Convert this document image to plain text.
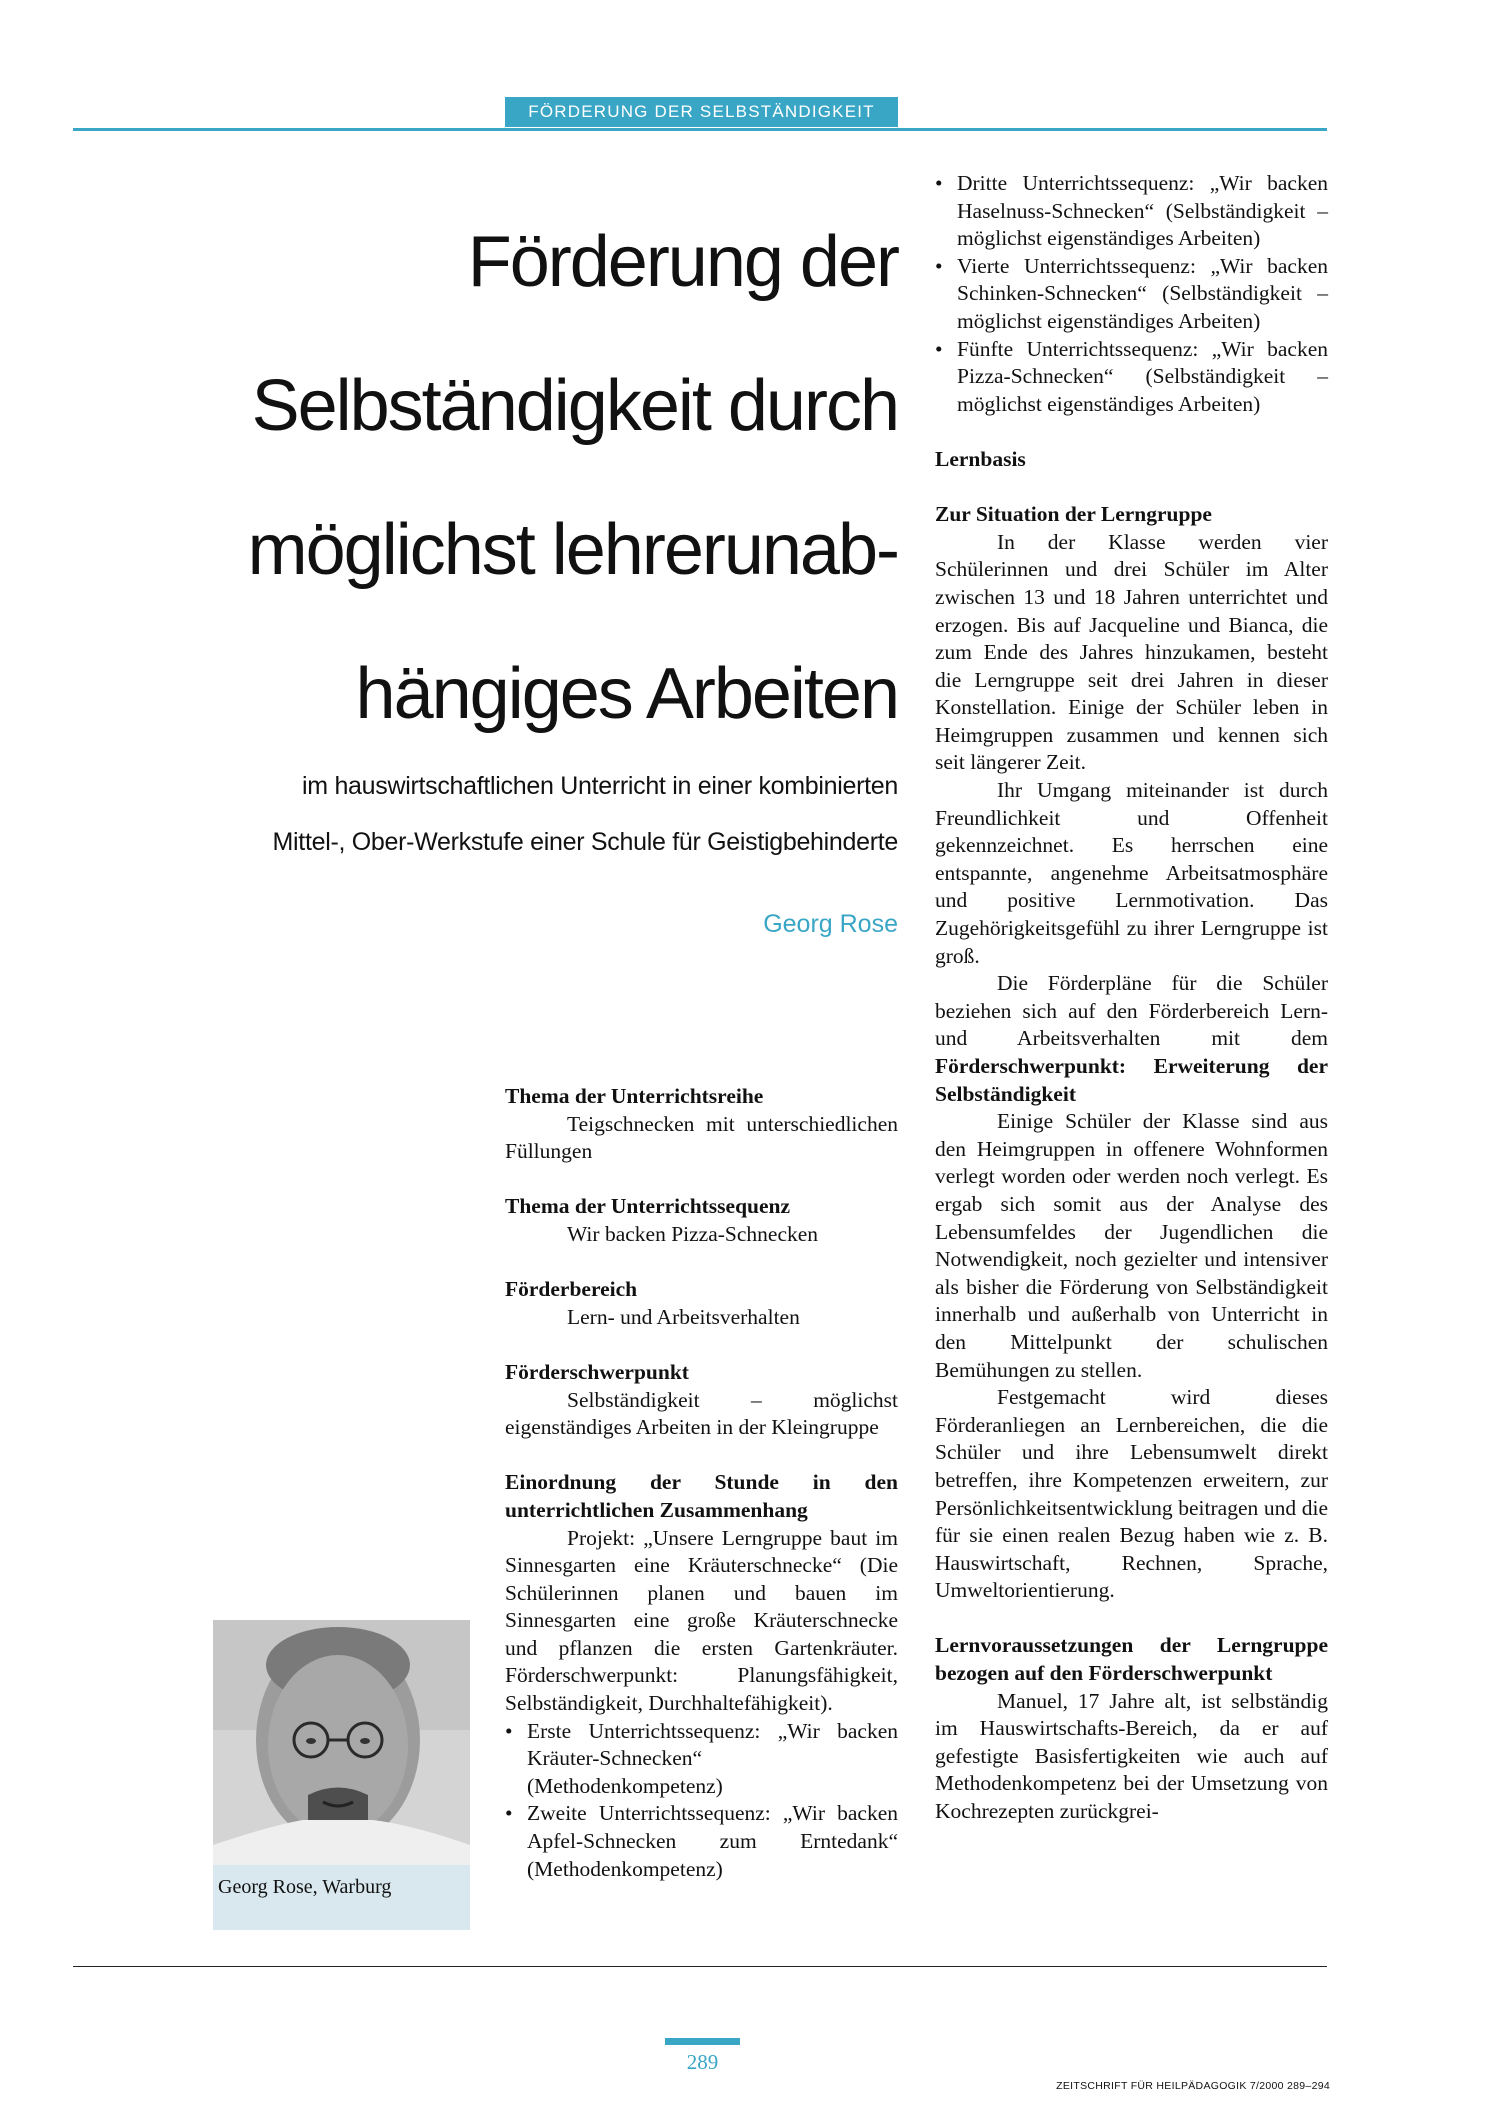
FÖRDERUNG DER SELBSTÄNDIGKEIT
Förderung der
Selbständigkeit durch
möglichst lehrerunab-
hängiges Arbeiten
im hauswirtschaftlichen Unterricht in einer kombinierten
Mittel-, Ober-Werkstufe einer Schule für Geistigbehinderte
Georg Rose

Thema der Unterrichtsreihe

Teigschnecken mit unterschiedlichen Füllungen

Thema der Unterrichtssequenz

Wir backen Pizza-Schnecken

Förderbereich

Lern- und Arbeitsverhalten

Förderschwerpunkt

Selbständigkeit – möglichst eigenständiges Arbeiten in der Kleingruppe

Einordnung der Stunde in den unterrichtlichen Zusammenhang

Projekt: „Unsere Lerngruppe baut im Sinnesgarten eine Kräuterschnecke“ (Die Schülerinnen planen und bauen im Sinnesgarten eine große Kräuterschnecke und pflanzen die ersten Gartenkräuter. Förderschwerpunkt: Planungsfähigkeit, Selbständigkeit, Durchhaltefähigkeit).

• Erste Unterrichtssequenz: „Wir backen Kräuter-Schnecken“ (Methodenkompetenz)
• Zweite Unterrichtssequenz: „Wir backen Apfel-Schnecken zum Erntedank“ (Methodenkompetenz)
Georg Rose, Warburg
• Dritte Unterrichtssequenz: „Wir backen Haselnuss-Schnecken“ (Selbständigkeit – möglichst eigenständiges Arbeiten)
• Vierte Unterrichtssequenz: „Wir backen Schinken-Schnecken“ (Selbständigkeit – möglichst eigenständiges Arbeiten)
• Fünfte Unterrichtssequenz: „Wir backen Pizza-Schnecken“ (Selbständigkeit – möglichst eigenständiges Arbeiten)

Lernbasis

Zur Situation der Lerngruppe

In der Klasse werden vier Schülerinnen und drei Schüler im Alter zwischen 13 und 18 Jahren unterrichtet und erzogen. Bis auf Jacqueline und Bianca, die zum Ende des Jahres hinzukamen, besteht die Lerngruppe seit drei Jahren in dieser Konstellation. Einige der Schüler leben in Heimgruppen zusammen und kennen sich seit längerer Zeit.

Ihr Umgang miteinander ist durch Freundlichkeit und Offenheit gekennzeichnet. Es herrschen eine entspannte, angenehme Arbeitsatmosphäre und positive Lernmotivation. Das Zugehörigkeitsgefühl zu ihrer Lerngruppe ist groß.

Die Förderpläne für die Schüler beziehen sich auf den Förderbereich Lern- und Arbeitsverhalten mit dem Förderschwerpunkt: Erweiterung der Selbständigkeit

Einige Schüler der Klasse sind aus den Heimgruppen in offenere Wohnformen verlegt worden oder werden noch verlegt. Es ergab sich somit aus der Analyse des Lebensumfeldes der Jugendlichen die Notwendigkeit, noch gezielter und intensiver als bisher die Förderung von Selbständigkeit innerhalb und außerhalb von Unterricht in den Mittelpunkt der schulischen Bemühungen zu stellen.

Festgemacht wird dieses Förderanliegen an Lernbereichen, die die Schüler und ihre Lebensumwelt direkt betreffen, ihre Kompetenzen erweitern, zur Persönlichkeitsentwicklung beitragen und die für sie einen realen Bezug haben wie z. B. Hauswirtschaft, Rechnen, Sprache, Umweltorientierung.

Lernvoraussetzungen der Lerngruppe bezogen auf den Förderschwerpunkt

Manuel, 17 Jahre alt, ist selbständig im Hauswirtschafts-Bereich, da er auf gefestigte Basisfertigkeiten wie auch auf Methodenkompetenz bei der Umsetzung von Kochrezepten zurückgrei-

289
ZEITSCHRIFT FÜR HEILPÄDAGOGIK 7/2000 289–294
